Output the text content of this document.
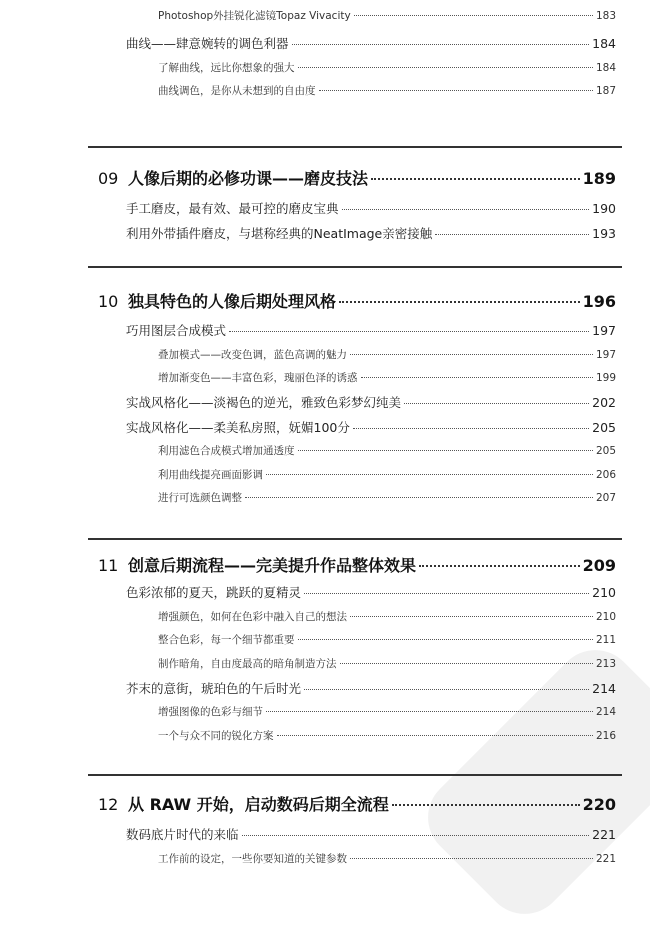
Photoshop外挂锐化滤镜Topaz Vivacity	183
曲线——肆意婉转的调色利器	184
了解曲线，远比你想象的强大	184
曲线调色，是你从未想到的自由度	187
09 人像后期的必修功课——磨皮技法	189
手工磨皮，最有效、最可控的磨皮宝典	190
利用外带插件磨皮，与堪称经典的NeatImage亲密接触	193
10 独具特色的人像后期处理风格	196
巧用图层合成模式	197
叠加模式——改变色调，蓝色高调的魅力	197
增加渐变色——丰富色彩，瑰丽色泽的诱惑	199
实战风格化——淡褐色的逆光，雅致色彩梦幻纯美	202
实战风格化——柔美私房照，妩媚100分	205
利用滤色合成模式增加通透度	205
利用曲线提亮画面影调	206
进行可选颜色调整	207
11 创意后期流程——完美提升作品整体效果	209
色彩浓郁的夏天，跳跃的夏精灵	210
增强颜色，如何在色彩中融入自己的想法	210
整合色彩，每一个细节都重要	211
制作暗角，自由度最高的暗角制造方法	213
芥末的意街，琥珀色的午后时光	214
增强图像的色彩与细节	214
一个与众不同的锐化方案	216
12 从 RAW 开始，启动数码后期全流程	220
数码底片时代的来临	221
工作前的设定，一些你要知道的关键参数	221
